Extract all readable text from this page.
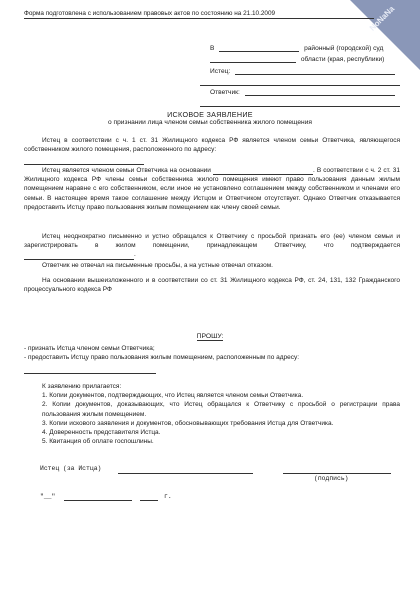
NoNaNa
Форма подготовлена с использованием правовых актов по состоянию на 21.10.2009
В	районный (городской) суд
области (края, республики)
Истец:
Ответчик:
ИСКОВОЕ ЗАЯВЛЕНИЕ
о признании лица членом семьи собственника жилого помещения
Истец в соответствии с ч. 1 ст. 31 Жилищного кодекса РФ является членом семьи Ответчика, являющегося собственником жилого помещения, расположенного по адресу:
Истец является членом семьи Ответчика на основании	. В соответствии с ч. 2 ст. 31 Жилищного кодекса РФ члены семьи собственника жилого помещения имеют право пользования данным жилым помещением наравне с его собственником, если иное не установлено соглашением между собственником и членами его семьи. В настоящее время такое соглашение между Истцом и Ответчиком отсутствует. Однако Ответчик отказывается предоставить Истцу право пользования жилым помещением как члену своей семьи.
Истец неоднократно письменно и устно обращался к Ответчику с просьбой признать его (ее) членом семьи и зарегистрировать в жилом помещении, принадлежащем Ответчику, что подтверждается .
Ответчик не отвечал на письменные просьбы, а на устные отвечал отказом.
На основании вышеизложенного и в соответствии со ст. 31 Жилищного кодекса РФ, ст. 24, 131, 132 Гражданского процессуального кодекса РФ
ПРОШУ:
- признать Истца членом семьи Ответчика;
- предоставить Истцу право пользования жилым помещением, расположенным по адресу:
К заявлению прилагается:
1. Копии документов, подтверждающих, что Истец является членом семьи Ответчика.
2. Копии документов, доказывающих, что Истец обращался к Ответчику с просьбой о регистрации права пользования жилым помещением.
3. Копии искового заявления и документов, обосновывающих требования Истца для Ответчика.
4. Доверенность представителя Истца.
5. Квитанция об оплате госпошлины.
Истец (за Истца)
(подпись)
"__"	г.
